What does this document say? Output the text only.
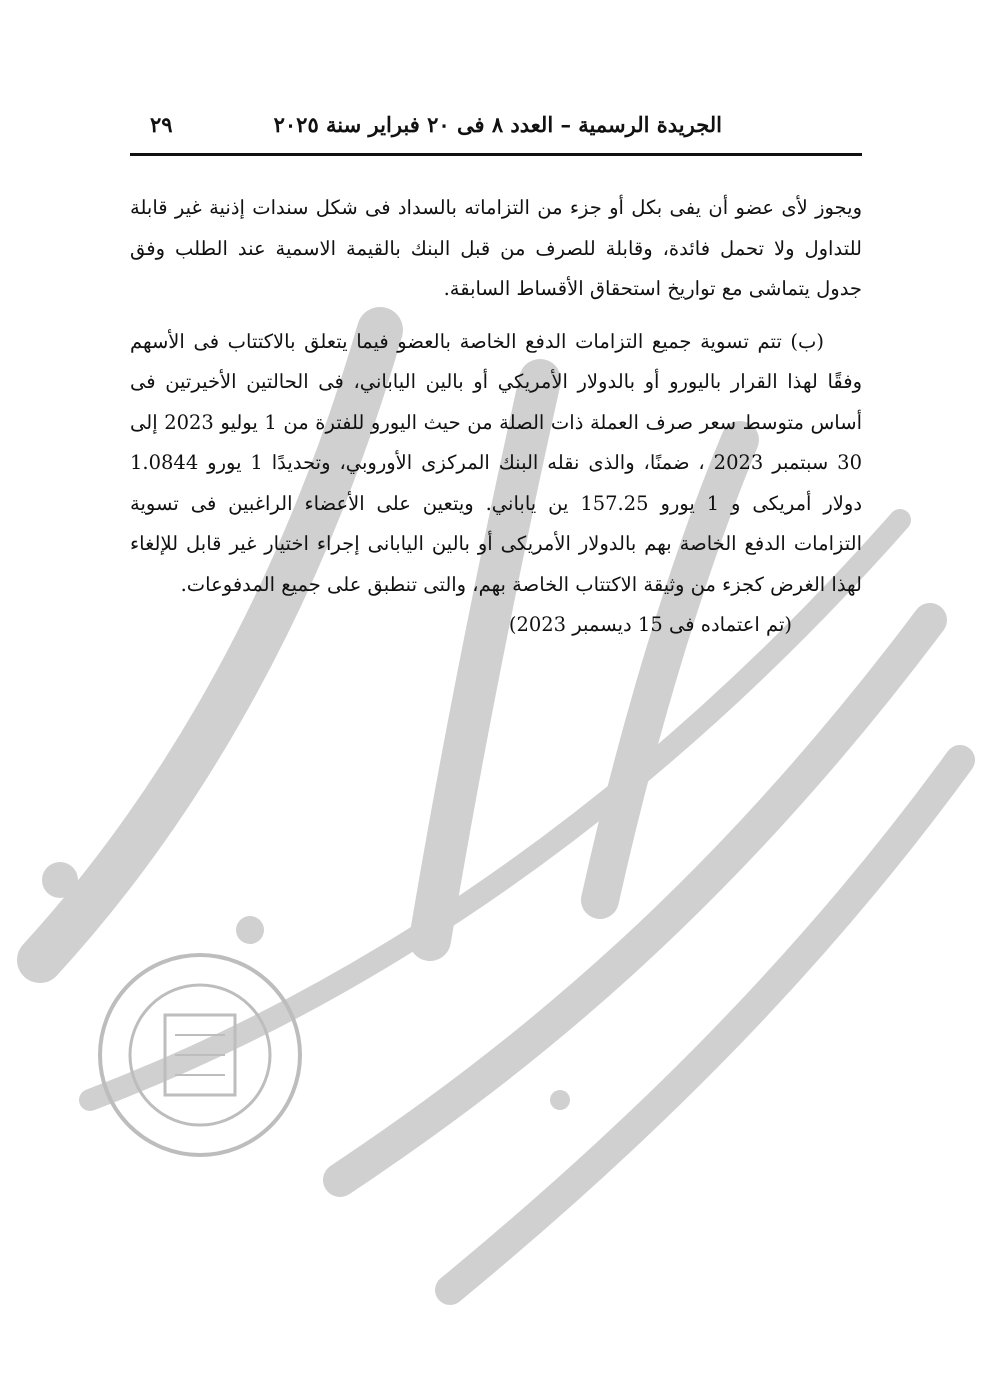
الجريدة الرسمية – العدد ٨ فى ٢٠ فبراير سنة ٢٠٢٥
٢٩

ويجوز لأى عضو أن يفى بكل أو جزء من التزاماته بالسداد فى شكل سندات إذنية غير قابلة للتداول ولا تحمل فائدة، وقابلة للصرف من قبل البنك بالقيمة الاسمية عند الطلب وفق جدول يتماشى مع تواريخ استحقاق الأقساط السابقة.

(ب) تتم تسوية جميع التزامات الدفع الخاصة بالعضو فيما يتعلق بالاكتتاب فى الأسهم وفقًا لهذا القرار باليورو أو بالدولار الأمريكي أو بالين الياباني، فى الحالتين الأخيرتين فى أساس متوسط سعر صرف العملة ذات الصلة من حيث اليورو للفترة من 1 يوليو 2023 إلى 30 سبتمبر 2023 ، ضمنًا، والذى نقله البنك المركزى الأوروبي، وتحديدًا 1 يورو 1.0844 دولار أمريكى و 1 يورو 157.25 ين ياباني. ويتعين على الأعضاء الراغبين فى تسوية التزامات الدفع الخاصة بهم بالدولار الأمريكى أو بالين اليابانى إجراء اختيار غير قابل للإلغاء لهذا الغرض كجزء من وثيقة الاكتتاب الخاصة بهم، والتى تنطبق على جميع المدفوعات.

(تم اعتماده فى 15 ديسمبر 2023)
